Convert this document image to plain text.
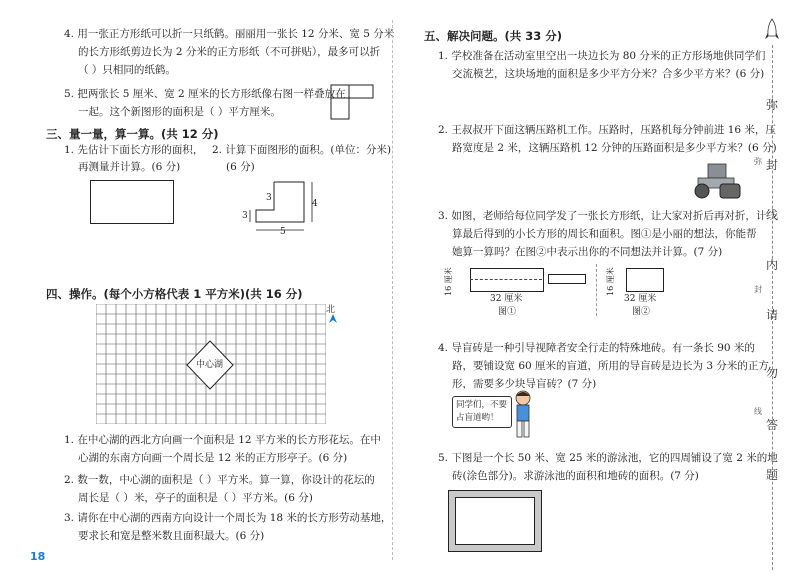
4. 用一张正方形纸可以折一只纸鹤。丽丽用一张长 12 分米、宽 5 分米
的长方形纸剪边长为 2 分米的正方形纸（不可拼贴），最多可以折
（ ）只相同的纸鹤。
5. 把两张长 5 厘米、宽 2 厘米的长方形纸像右图一样叠放在
一起。这个新图形的面积是（ ）平方厘米。
三、量一量，算一算。(共 12 分)
1. 先估计下面长方形的面积，
再测量并计算。(6 分)
2. 计算下面图形的面积。(单位：分米)
(6 分)
3
3
5
4
四、操作。(每个小方格代表 1 平方米)(共 16 分)
北
中心湖
1. 在中心湖的西北方向画一个面积是 12 平方米的长方形花坛。在中
心湖的东南方向画一个周长是 12 米的正方形亭子。(6 分)
2. 数一数，中心湖的面积是（ ）平方米。算一算，你设计的花坛的
周长是（ ）米，亭子的面积是（ ）平方米。(6 分)
3. 请你在中心湖的西南方向设计一个周长为 18 米的长方形劳动基地，
要求长和宽是整米数且面积最大。(6 分)
18
五、解决问题。(共 33 分)
1. 学校准备在活动室里空出一块边长为 80 分米的正方形场地供同学们
交流模艺，这块场地的面积是多少平方分米？合多少平方米？(6 分)
2. 王叔叔开下面这辆压路机工作。压路时，压路机每分钟前进 16 米，压
路宽度是 2 米，这辆压路机 12 分钟的压路面积是多少平方米？(6 分)
3. 如图，老师给每位同学发了一张长方形纸，让大家对折后再对折，计
算最后得到的小长方形的周长和面积。图①是小丽的想法，你能帮
她算一算吗？在图②中表示出你的不同想法并计算。(7 分)
16 厘米
32 厘米
图①
16 厘米
32 厘米
图②
4. 导盲砖是一种引导视障者安全行走的特殊地砖。有一条长 90 米的
路，要铺设宽 60 厘米的盲道，所用的导盲砖是边长为 3 分米的正方
形，需要多少块导盲砖？(7 分)
同学们，不要
占盲道哟！
5. 下图是一个长 50 米、宽 25 米的游泳池，它的四周铺设了宽 2 米的地
砖(涂色部分)。求游泳池的面积和地砖的面积。(7 分)
弥
封
线
内
请
勿
答
题
弥
封
线
